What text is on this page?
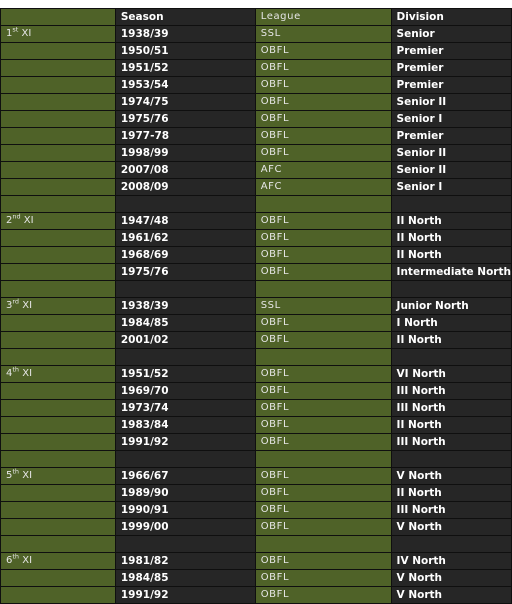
	Season	League	Division
1st XI	1938/39	SSL	Senior
	1950/51	OBFL	Premier
	1951/52	OBFL	Premier
	1953/54	OBFL	Premier
	1974/75	OBFL	Senior II
	1975/76	OBFL	Senior I
	1977-78	OBFL	Premier
	1998/99	OBFL	Senior II
	2007/08	AFC	Senior II
	2008/09	AFC	Senior I

2nd XI	1947/48	OBFL	II North
	1961/62	OBFL	II North
	1968/69	OBFL	II North
	1975/76	OBFL	Intermediate North

3rd XI	1938/39	SSL	Junior North
	1984/85	OBFL	I North
	2001/02	OBFL	II North

4th XI	1951/52	OBFL	VI North
	1969/70	OBFL	III North
	1973/74	OBFL	III North
	1983/84	OBFL	II North
	1991/92	OBFL	III North

5th XI	1966/67	OBFL	V North
	1989/90	OBFL	II North
	1990/91	OBFL	III North
	1999/00	OBFL	V North

6th XI	1981/82	OBFL	IV North
	1984/85	OBFL	V North
	1991/92	OBFL	V North
